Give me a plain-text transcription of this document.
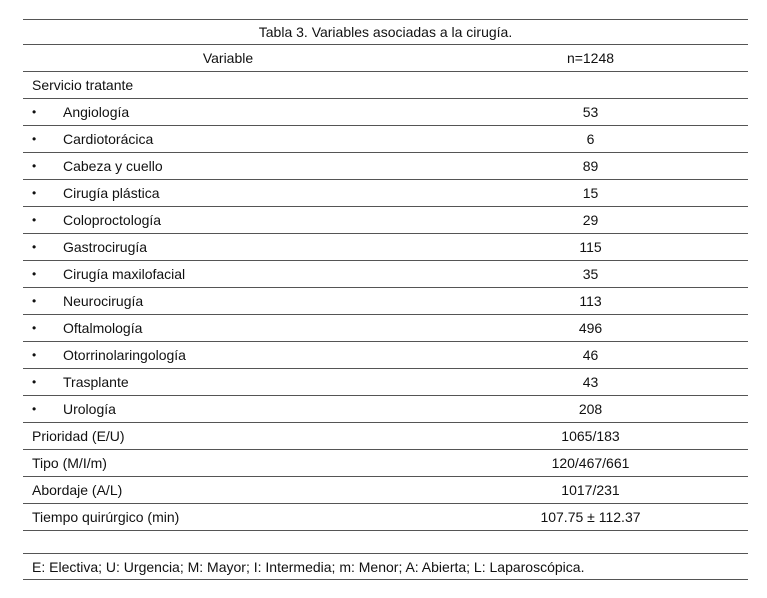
Tabla 3. Variables asociadas a la cirugía.
Variable	n=1248
Servicio tratante
•	Angiología	53
•	Cardiotorácica	6
•	Cabeza y cuello	89
•	Cirugía plástica	15
•	Coloproctología	29
•	Gastrocirugía	115
•	Cirugía maxilofacial	35
•	Neurocirugía	113
•	Oftalmología	496
•	Otorrinolaringología	46
•	Trasplante	43
•	Urología	208
Prioridad (E/U)	1065/183
Tipo (M/I/m)	120/467/661
Abordaje (A/L)	1017/231
Tiempo quirúrgico (min)	107.75 ± 112.37
E: Electiva; U: Urgencia; M: Mayor; I: Intermedia; m: Menor; A: Abierta; L: Laparoscópica.
